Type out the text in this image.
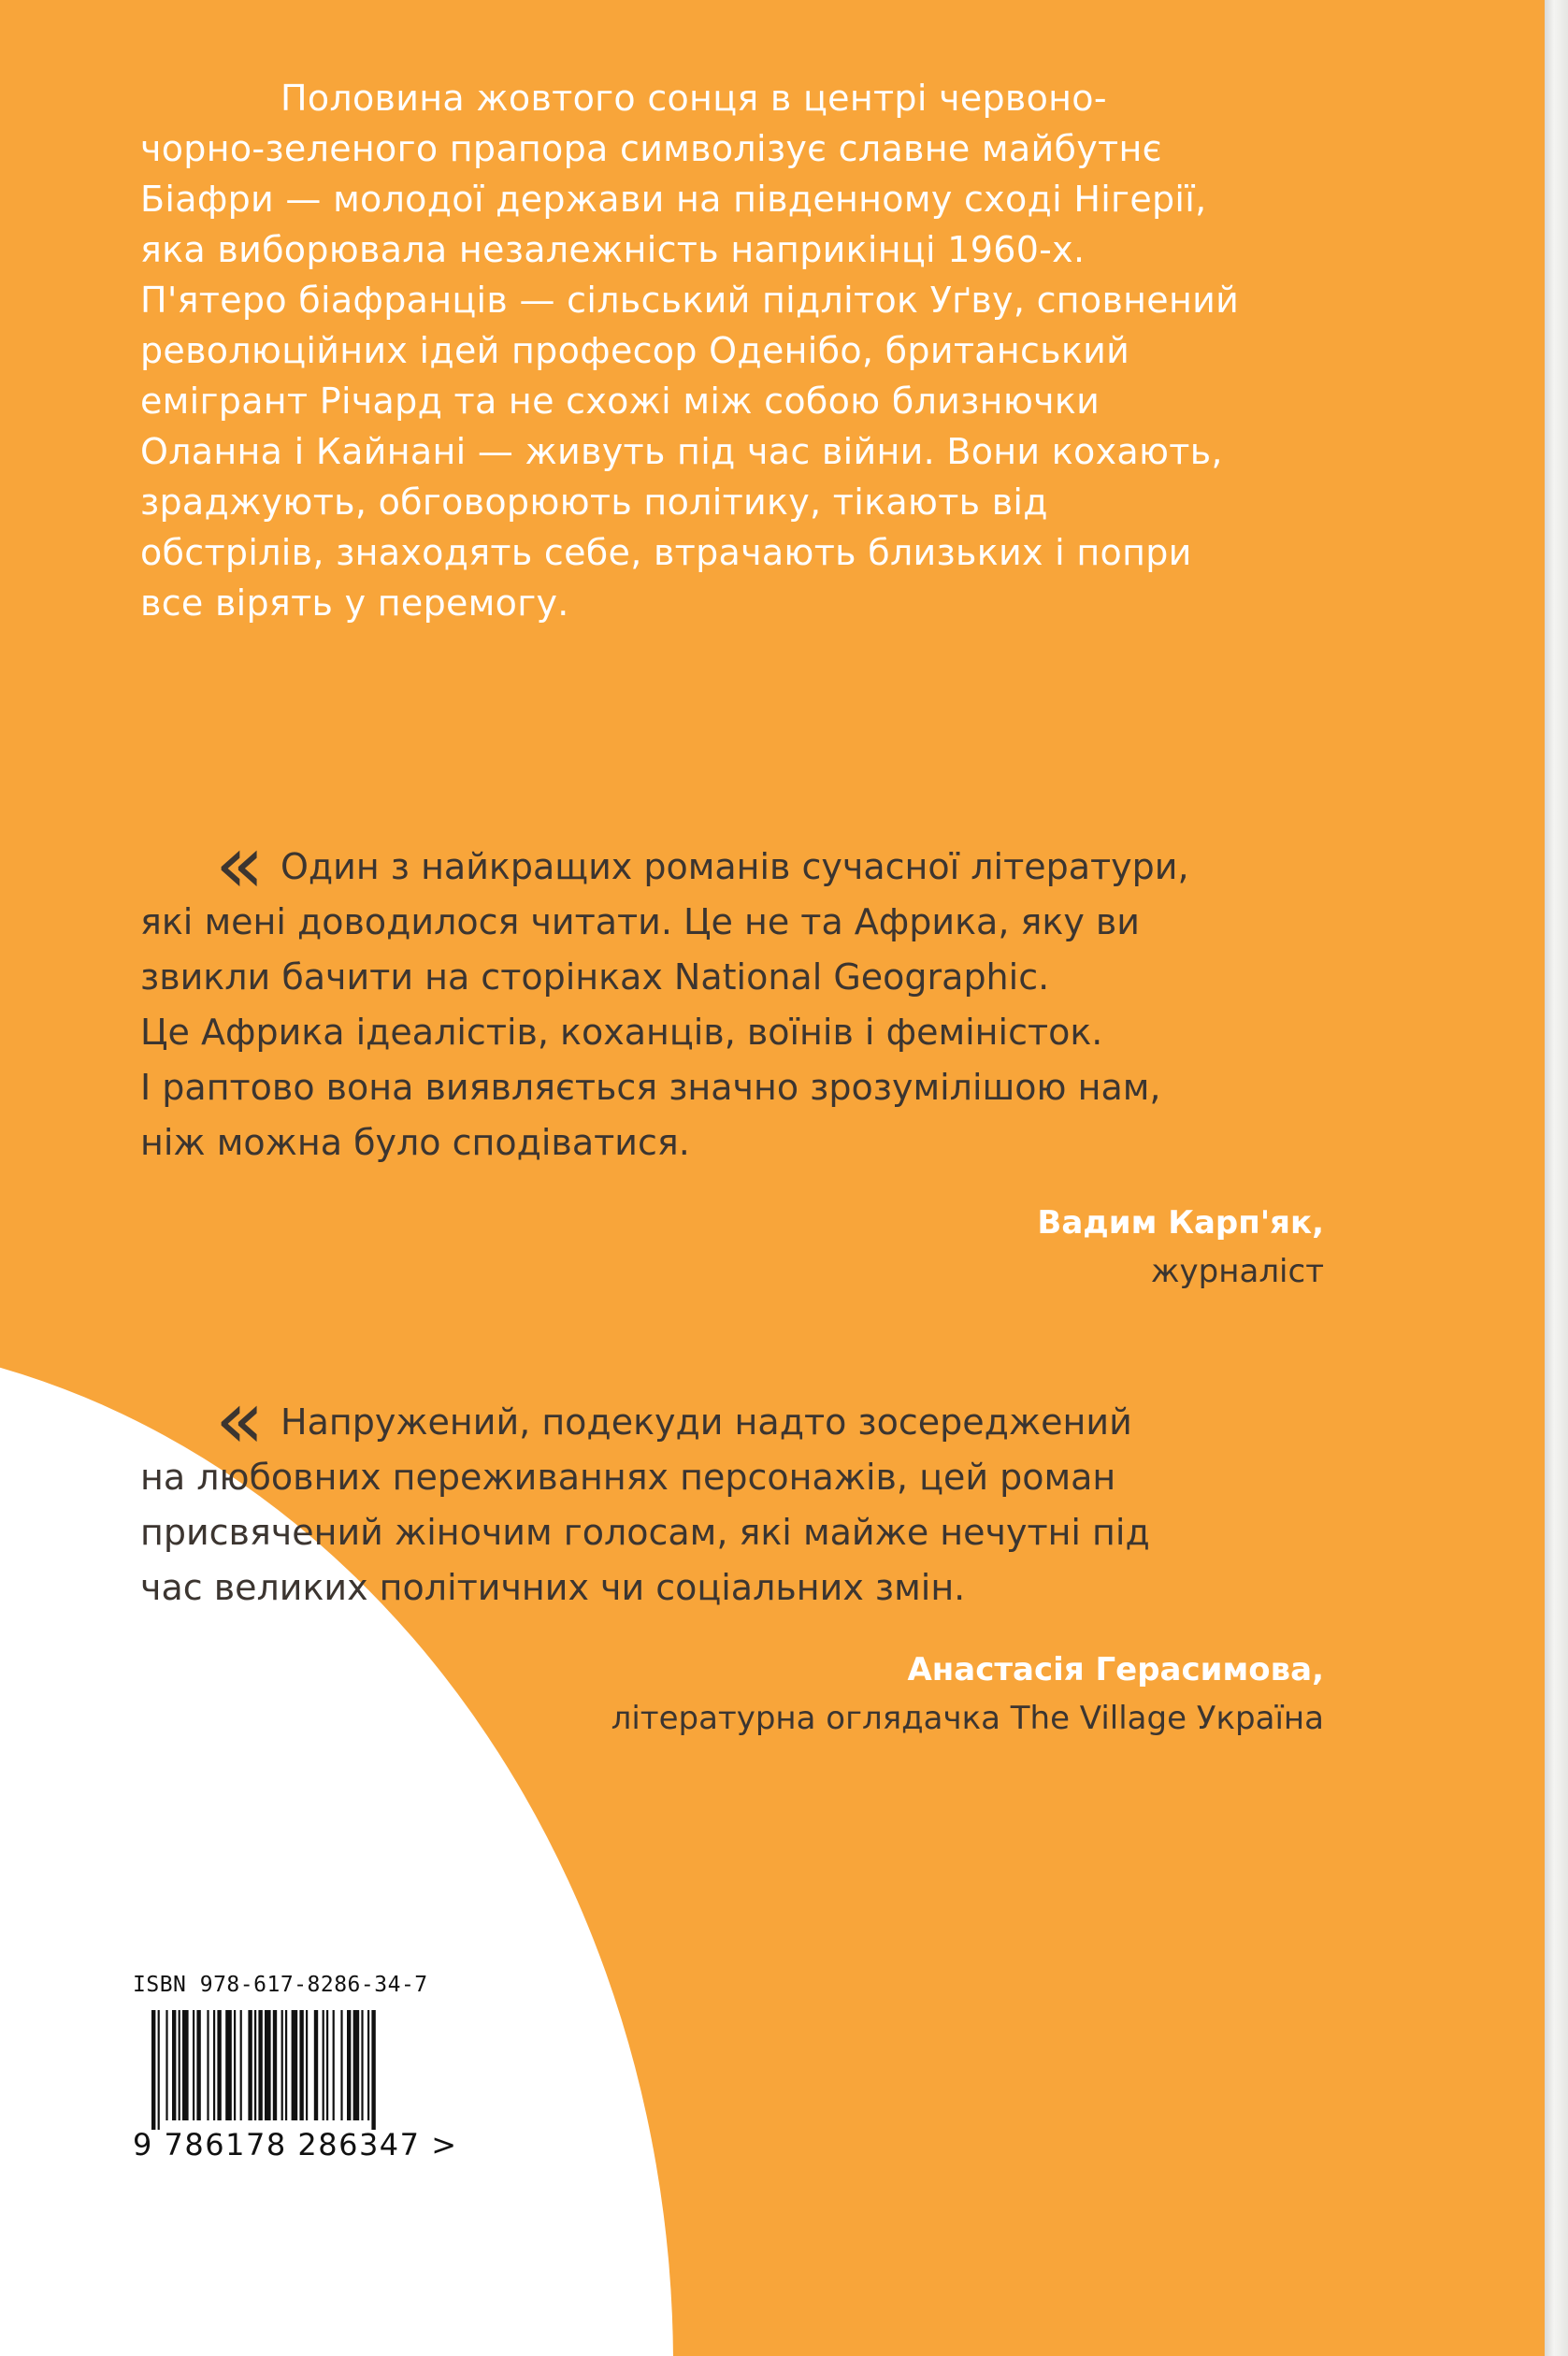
Половина жовтого сонця в центрі червоно-
чорно-зеленого прапора символізує славне майбутнє
Біафри — молодої держави на південному сході Нігерії,
яка виборювала незалежність наприкінці 1960-х.
П'ятеро біафранців — сільський підліток Уґву, сповнений
революційних ідей професор Оденібо, британський
емігрант Річард та не схожі між собою близнючки
Оланна і Кайнані — живуть під час війни. Вони кохають,
зраджують, обговорюють політику, тікають від
обстрілів, знаходять себе, втрачають близьких і попри
все вірять у перемогу.
« Один з найкращих романів сучасної літератури,
які мені доводилося читати. Це не та Африка, яку ви
звикли бачити на сторінках National Geographic.
Це Африка ідеалістів, коханців, воїнів і феміністок.
І раптово вона виявляється значно зрозумілішою нам,
ніж можна було сподіватися.
Вадим Карп'як,
журналіст
« Напружений, подекуди надто зосереджений
на любовних переживаннях персонажів, цей роман
присвячений жіночим голосам, які майже нечутні під
час великих політичних чи соціальних змін.
Анастасія Герасимова,
літературна оглядачка The Village Україна
ISBN 978-617-8286-34-7
9 786178 286347 >
